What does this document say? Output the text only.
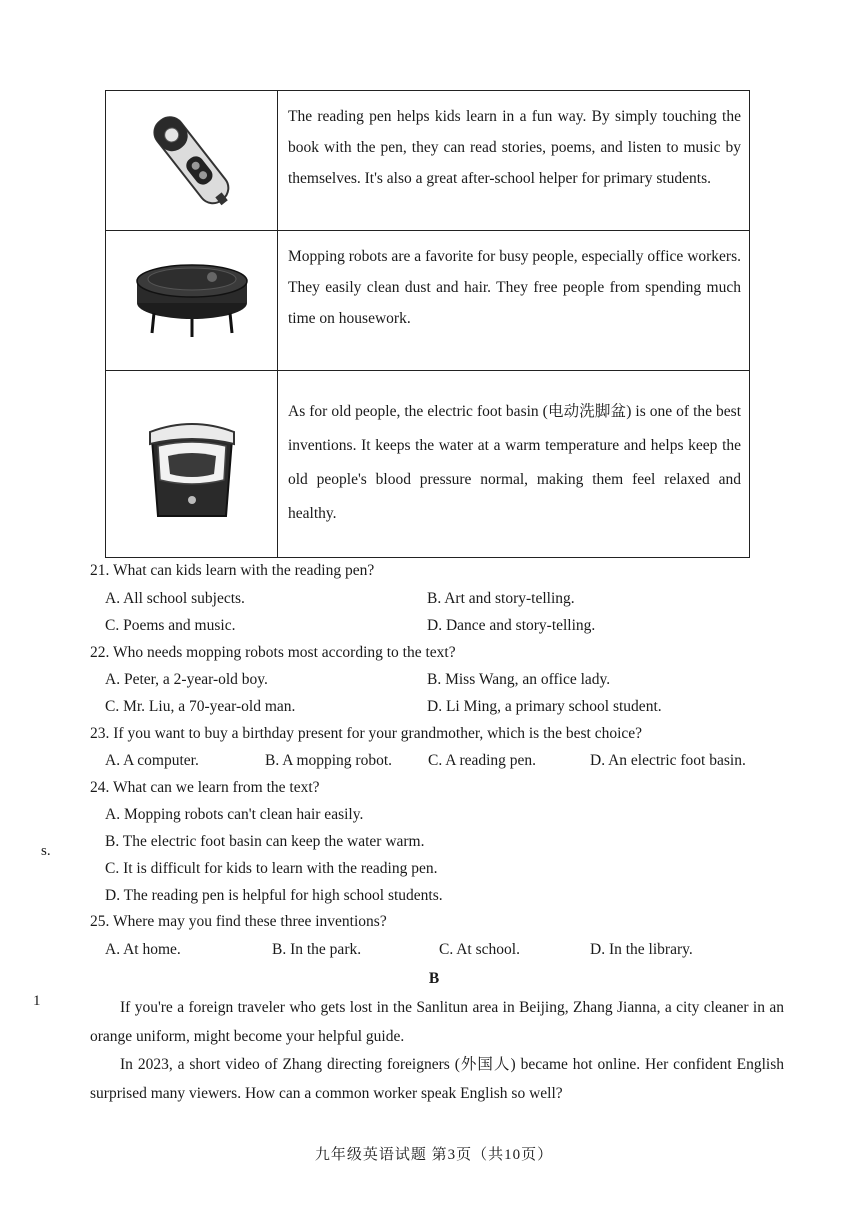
The reading pen helps kids learn in a fun way. By simply touching the book with the pen, they can read stories, poems, and listen to music by themselves. It's also a great after-school helper for primary students.
Mopping robots are a favorite for busy people, especially office workers. They easily clean dust and hair. They free people from spending much time on housework.
As for old people, the electric foot basin (电动洗脚盆) is one of the best inventions. It keeps the water at a warm temperature and helps keep the old people's blood pressure normal, making them feel relaxed and healthy.
21. What can kids learn with the reading pen?
A. All school subjects.	B. Art and story-telling.
C. Poems and music.	D. Dance and story-telling.
22. Who needs mopping robots most according to the text?
A. Peter, a 2-year-old boy.	B. Miss Wang, an office lady.
C. Mr. Liu, a 70-year-old man.	D. Li Ming, a primary school student.
23. If you want to buy a birthday present for your grandmother, which is the best choice?
A. A computer.	B. A mopping robot. C. A reading pen.	D. An electric foot basin.
24. What can we learn from the text?
A. Mopping robots can't clean hair easily.
B. The electric foot basin can keep the water warm.
C. It is difficult for kids to learn with the reading pen.
D. The reading pen is helpful for high school students.
25. Where may you find these three inventions?
A. At home.	B. In the park.	C. At school.	D. In the library.
B
If you're a foreign traveler who gets lost in the Sanlitun area in Beijing, Zhang Jianna, a city cleaner in an orange uniform, might become your helpful guide.
In 2023, a short video of Zhang directing foreigners (外国人) became hot online. Her confident English surprised many viewers. How can a common worker speak English so well?
s.
1
九年级英语试题 第3页（共10页）
